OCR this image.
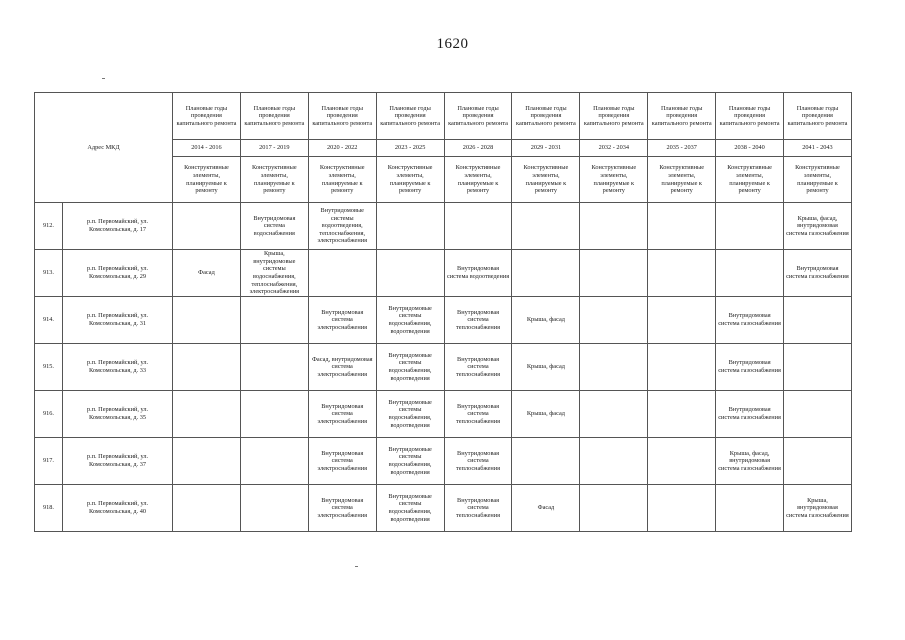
1620
Адрес МКД		Плановые годы проведения капитального ремонта	Плановые годы проведения капитального ремонта	Плановые годы проведения капитального ремонта	Плановые годы проведения капитального ремонта	Плановые годы проведения капитального ремонта	Плановые годы проведения капитального ремонта	Плановые годы проведения капитального ремонта	Плановые годы проведения капитального ремонта	Плановые годы проведения капитального ремонта	Плановые годы проведения капитального ремонта
		2014 - 2016	2017 - 2019	2020 - 2022	2023 - 2025	2026 - 2028	2029 - 2031	2032 - 2034	2035 - 2037	2038 - 2040	2041 - 2043
		Конструктивные элементы, планируемые к ремонту	Конструктивные элементы, планируемые к ремонту	Конструктивные элементы, планируемые к ремонту	Конструктивные элементы, планируемые к ремонту	Конструктивные элементы, планируемые к ремонту	Конструктивные элементы, планируемые к ремонту	Конструктивные элементы, планируемые к ремонту	Конструктивные элементы, планируемые к ремонту	Конструктивные элементы, планируемые к ремонту	Конструктивные элементы, планируемые к ремонту
912.	р.п. Первомайский, ул. Комсомольская, д. 17		Внутридомовая система водоснабжения	Внутридомовые системы водоотведения, теплоснабжения, электроснабжения							Крыша, фасад, внутридомовая система газоснабжения
913.	р.п. Первомайский, ул. Комсомольская, д. 29	Фасад	Крыша, внутридомовые системы водоснабжения, теплоснабжения, электроснабжения			Внутридомовая система водоотведения					Внутридомовая система газоснабжения
914.	р.п. Первомайский, ул. Комсомольская, д. 31			Внутридомовая система электроснабжения	Внутридомовые системы водоснабжения, водоотведения	Внутридомовая система теплоснабжения	Крыша, фасад			Внутридомовая система газоснабжения	
915.	р.п. Первомайский, ул. Комсомольская, д. 33			Фасад, внутридомовая система электроснабжения	Внутридомовые системы водоснабжения, водоотведения	Внутридомовая система теплоснабжения	Крыша, фасад			Внутридомовая система газоснабжения	
916.	р.п. Первомайский, ул. Комсомольская, д. 35			Внутридомовая система электроснабжения	Внутридомовые системы водоснабжения, водоотведения	Внутридомовая система теплоснабжения	Крыша, фасад			Внутридомовая система газоснабжения	
917.	р.п. Первомайский, ул. Комсомольская, д. 37			Внутридомовая система электроснабжения	Внутридомовые системы водоснабжения, водоотведения	Внутридомовая система теплоснабжения				Крыша, фасад, внутридомовая система газоснабжения	
918.	р.п. Первомайский, ул. Комсомольская, д. 40			Внутридомовая система электроснабжения	Внутридомовые системы водоснабжения, водоотведения	Внутридомовая система теплоснабжения	Фасад				Крыша, внутридомовая система газоснабжения
